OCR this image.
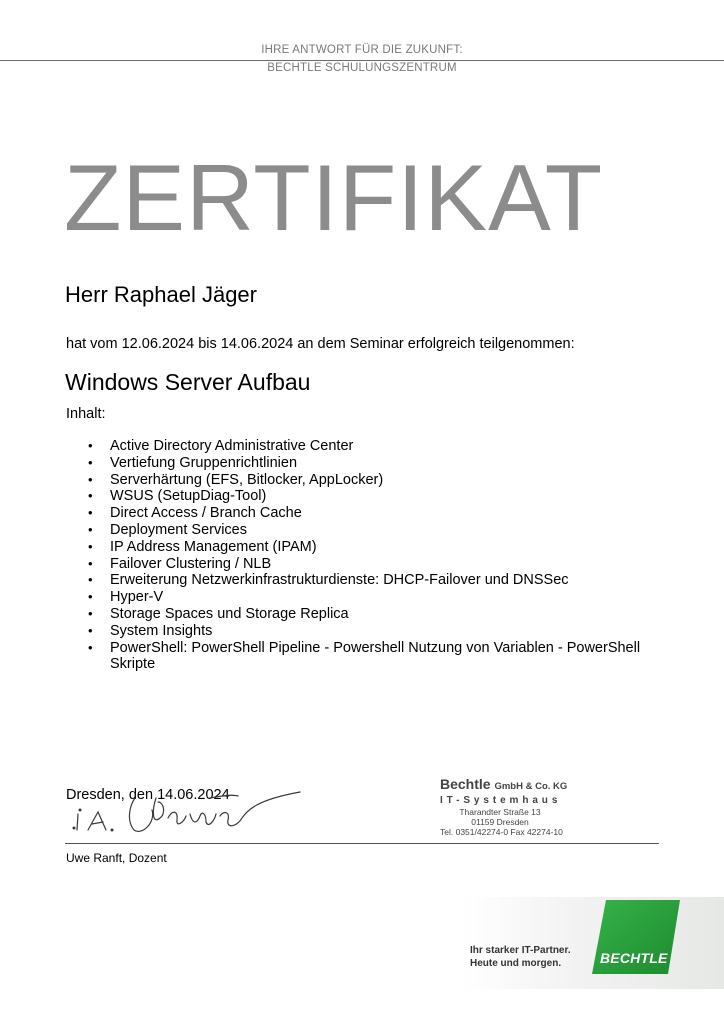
IHRE ANTWORT FÜR DIE ZUKUNFT:
BECHTLE SCHULUNGSZENTRUM
ZERTIFIKAT
Herr Raphael Jäger
hat vom 12.06.2024 bis 14.06.2024 an dem Seminar erfolgreich teilgenommen:
Windows Server Aufbau
Inhalt:
• Active Directory Administrative Center
• Vertiefung Gruppenrichtlinien
• Serverhärtung (EFS, Bitlocker, AppLocker)
• WSUS (SetupDiag-Tool)
• Direct Access / Branch Cache
• Deployment Services
• IP Address Management (IPAM)
• Failover Clustering / NLB
• Erweiterung Netzwerkinfrastrukturdienste: DHCP-Failover und DNSSec
• Hyper-V
• Storage Spaces und Storage Replica
• System Insights
• PowerShell: PowerShell Pipeline - Powershell Nutzung von Variablen - PowerShell Skripte
Dresden, den 14.06.2024
Bechtle GmbH & Co. KG
IT-Systemhaus
Tharandter Straße 13
01159 Dresden
Tel. 0351/42274-0 Fax 42274-10
Uwe Ranft, Dozent
Ihr starker IT-Partner.
Heute und morgen.	BECHTLE
